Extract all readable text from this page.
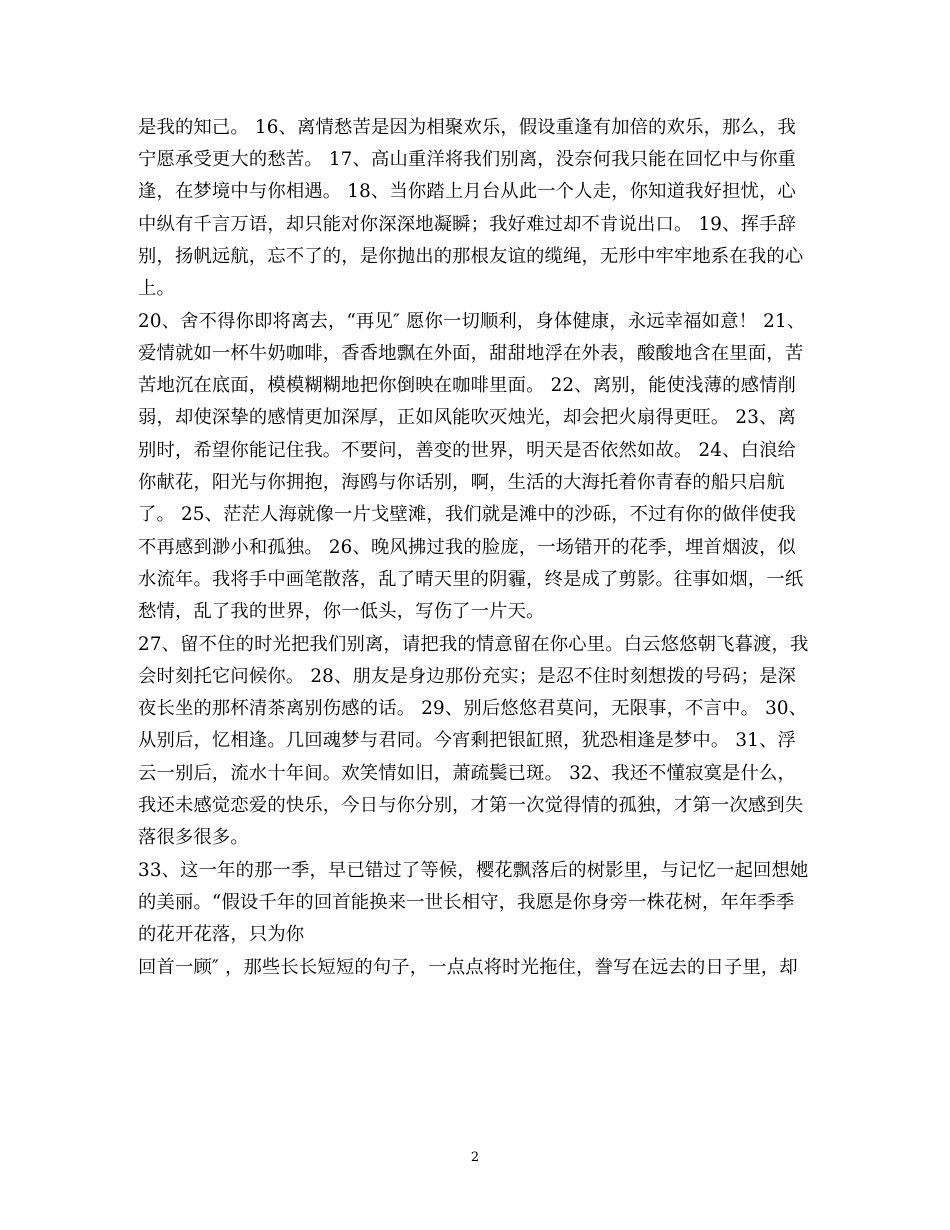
是我的知己。 16、离情愁苦是因为相聚欢乐，假设重逢有加倍的欢乐，那么，我
宁愿承受更大的愁苦。 17、高山重洋将我们别离，没奈何我只能在回忆中与你重
逢，在梦境中与你相遇。 18、当你踏上月台从此一个人走，你知道我好担忧，心
中纵有千言万语，却只能对你深深地凝瞬；我好难过却不肯说出口。 19、挥手辞
别，扬帆远航，忘不了的，是你抛出的那根友谊的缆绳，无形中牢牢地系在我的心
上。
20、舍不得你即将离去，“再见″ 愿你一切顺利，身体健康，永远幸福如意！ 21、
爱情就如一杯牛奶咖啡，香香地飘在外面，甜甜地浮在外表，酸酸地含在里面，苦
苦地沉在底面，模模糊糊地把你倒映在咖啡里面。 22、离别，能使浅薄的感情削
弱，却使深挚的感情更加深厚，正如风能吹灭烛光，却会把火扇得更旺。 23、离
别时，希望你能记住我。不要问，善变的世界，明天是否依然如故。 24、白浪给
你献花，阳光与你拥抱，海鸥与你话别，啊，生活的大海托着你青春的船只启航
了。 25、茫茫人海就像一片戈壁滩，我们就是滩中的沙砾，不过有你的做伴使我
不再感到渺小和孤独。 26、晚风拂过我的脸庞，一场错开的花季，埋首烟波，似
水流年。我将手中画笔散落，乱了晴天里的阴霾，终是成了剪影。往事如烟，一纸
愁情，乱了我的世界，你一低头，写伤了一片天。
27、留不住的时光把我们别离，请把我的情意留在你心里。白云悠悠朝飞暮渡，我
会时刻托它问候你。 28、朋友是身边那份充实；是忍不住时刻想拨的号码；是深
夜长坐的那杯清茶离别伤感的话。 29、别后悠悠君莫问，无限事，不言中。 30、
从别后，忆相逢。几回魂梦与君同。今宵剩把银缸照，犹恐相逢是梦中。 31、浮
云一别后，流水十年间。欢笑情如旧，萧疏鬓已斑。 32、我还不懂寂寞是什么，
我还未感觉恋爱的快乐，今日与你分别，才第一次觉得情的孤独，才第一次感到失
落很多很多。
33、这一年的那一季，早已错过了等候，樱花飘落后的树影里，与记忆一起回想她
的美丽。“假设千年的回首能换来一世长相守，我愿是你身旁一株花树，年年季季
的花开花落，只为你
回首一顾″ ，那些长长短短的句子，一点点将时光拖住，誊写在远去的日子里，却
2
